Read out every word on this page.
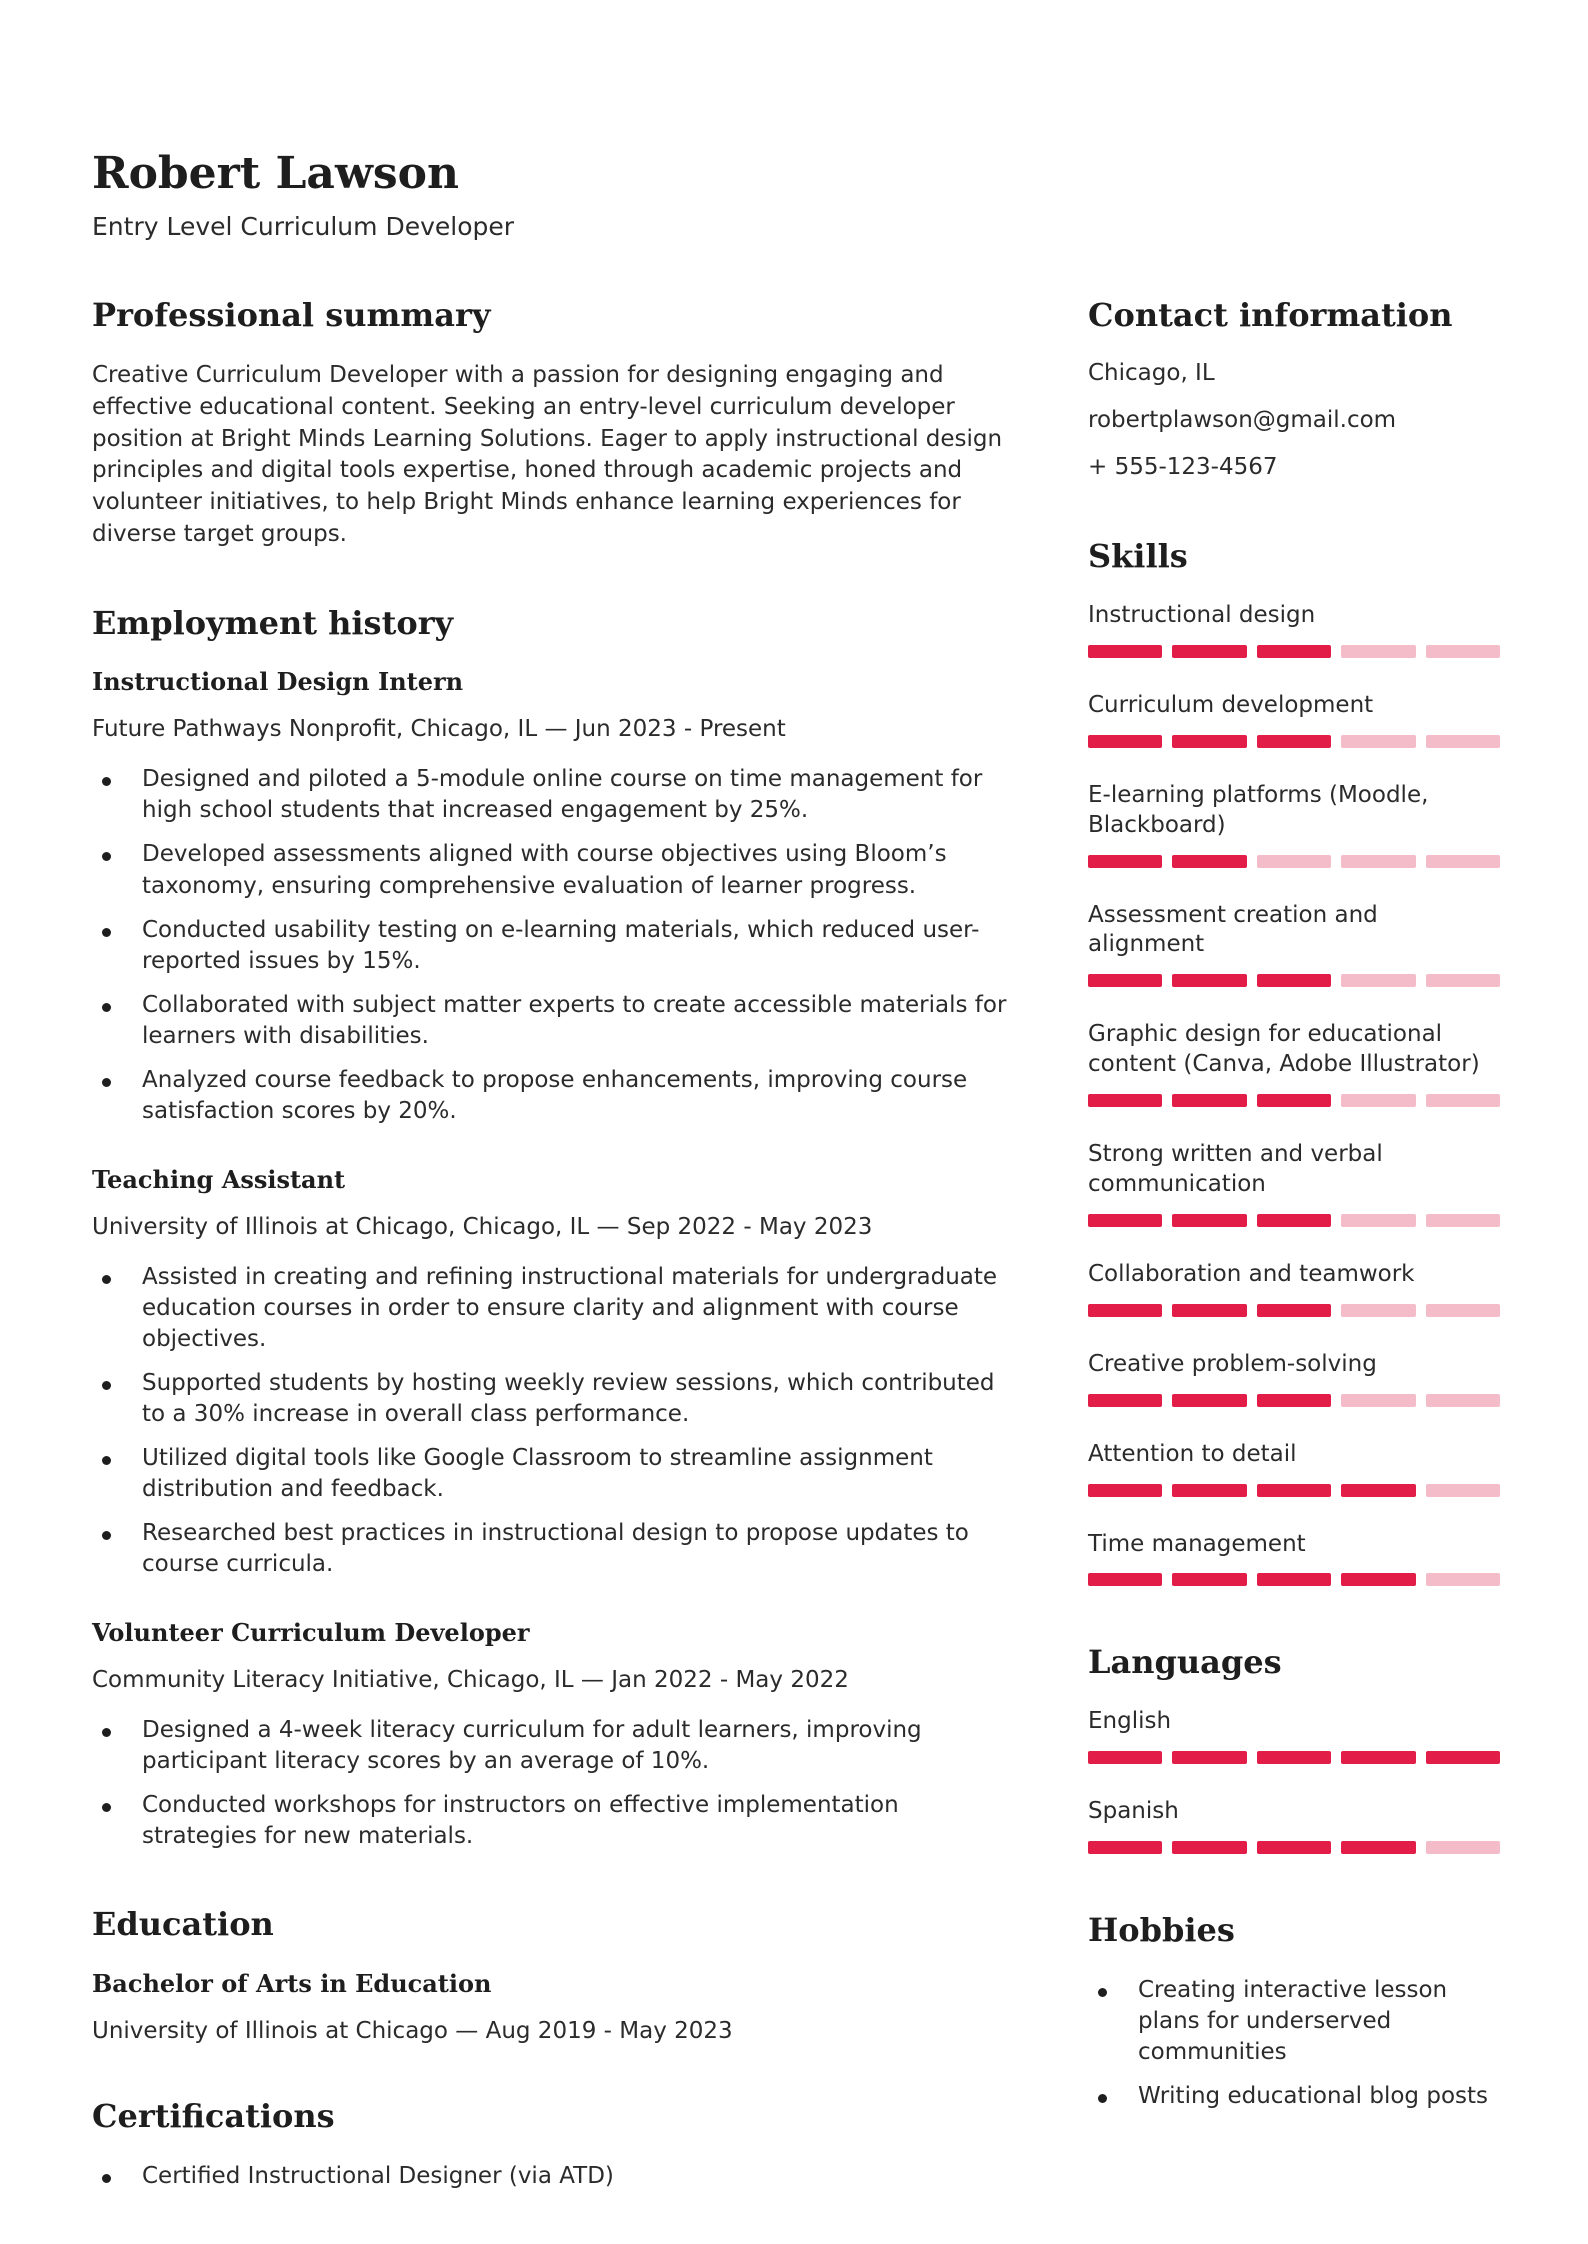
Robert Lawson
Entry Level Curriculum Developer
Professional summary

Creative Curriculum Developer with a passion for designing engaging and effective educational content. Seeking an entry-level curriculum developer position at Bright Minds Learning Solutions. Eager to apply instructional design principles and digital tools expertise, honed through academic projects and volunteer initiatives, to help Bright Minds enhance learning experiences for diverse target groups.

Employment history
Instructional Design Intern
Future Pathways Nonprofit, Chicago, IL — Jun 2023 - Present
Designed and piloted a 5-module online course on time management for high school students that increased engagement by 25%.
Developed assessments aligned with course objectives using Bloom’s taxonomy, ensuring comprehensive evaluation of learner progress.
Conducted usability testing on e-learning materials, which reduced user-reported issues by 15%.
Collaborated with subject matter experts to create accessible materials for learners with disabilities.
Analyzed course feedback to propose enhancements, improving course satisfaction scores by 20%.
Teaching Assistant
University of Illinois at Chicago, Chicago, IL — Sep 2022 - May 2023
Assisted in creating and refining instructional materials for undergraduate education courses in order to ensure clarity and alignment with course objectives.
Supported students by hosting weekly review sessions, which contributed to a 30% increase in overall class performance.
Utilized digital tools like Google Classroom to streamline assignment distribution and feedback.
Researched best practices in instructional design to propose updates to course curricula.
Volunteer Curriculum Developer
Community Literacy Initiative, Chicago, IL — Jan 2022 - May 2022
Designed a 4-week literacy curriculum for adult learners, improving participant literacy scores by an average of 10%.
Conducted workshops for instructors on effective implementation strategies for new materials.
Education
Bachelor of Arts in Education
University of Illinois at Chicago — Aug 2019 - May 2023
Certifications
Certified Instructional Designer (via ATD)
Contact information
Chicago, IL
robertplawson@gmail.com
+ 555-123-4567
Skills
Instructional design
Curriculum development
E-learning platforms (Moodle, Blackboard)
Assessment creation and alignment
Graphic design for educational content (Canva, Adobe Illustrator)
Strong written and verbal communication
Collaboration and teamwork
Creative problem-solving
Attention to detail
Time management
Languages
English
Spanish
Hobbies
Creating interactive lesson plans for underserved communities
Writing educational blog posts
